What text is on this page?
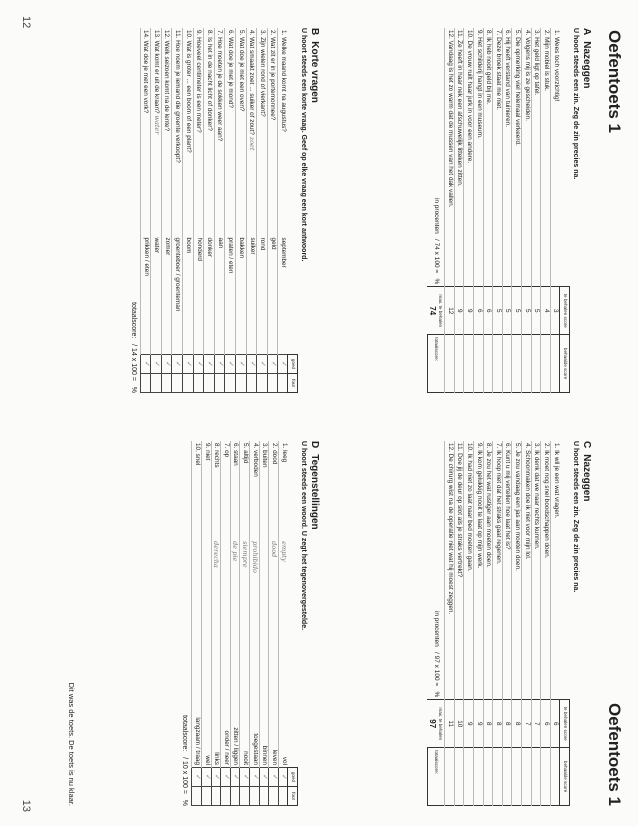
Oefentoets 1
12
ANazeggen
U hoort steeds een zin. Zeg de zin precies na.
	te behalen score	behaalde score
1. Wees toch voorzichtig!	3	
2. Mijn mobiel is stuk.	4	
3. Het geld ligt op tafel.	5	
4. Volgens mij is ze gescheiden.	5	
5. Die opmerking viel helemaal verkeerd.	5	
6. Hij heeft verstand van tuinieren.	5	
7. Deze broek staat me niet.	5	
8. Ik heb nooit geld bij me.	6	
9. Het schilderij hangt in een museum.	6	
10. De vrouw ruilt haar jurk in voor een andere.	9	
11. Ze heeft in haar nek een afschuwelijk litteken zitten.	9	
12. Vandaag is het zo warm dat de mussen van het dak vallen.	12	
in procenten   / 74 x 100 =   %	max. te behalen
74	totaalscore:
BKorte vragen
U hoort steeds een korte vraag. Geef op elke vraag een kort antwoord.
		goed	fout
1. Welke maand komt na augustus?	september	✓	
2. Wat zit er in je portemonnee?	geld	✓	
3. Zijn wielen rond of vierkant?	rond	✓	
4. Wat smaakt zoet ... suiker of zout? zoet	suiker	✓	
5. Wat doe je met een oven?	bakken	✓	
6. Wat doe je met je mond?	praten / eten	✓	
7. Hoe moeten je de sokken weer aan?	aan	✓	
8. Is het in de nacht licht of donker?	donker	✓	
9. Hoeveel centimeter is een meter?	honderd	✓	
10. Wat is groter ... een boom of een plant?	boom	✓	
11. Hoe noem je iemand die groente verkoopt?	groenteboer / groenteman	✓	
12. Welk seizoen komt na de lente?	zomer	✓	
13. Wat komt er uit de kraan? water	water	✓	
14. Wat doe je met een vork?	prikken / eten	✓	
totaalscore:   / 14 x 100 =   %
Oefentoets 1
13
CNazeggen
U hoort steeds een zin. Zeg de zin precies na.
	te behalen score	behaalde score
1. Ik wil je een wat vragen.	6	
2. Ik moet nog snel boodschappen doen.	6	
3. Ik denk dat we naar rechts kunnen.	7	
4. Schoonmaken doe ik niet voor mijn lol.	7	
5. Je zou vandaag een jas aan moeten doen.	8	
6. Kunt u mij vertellen hoe laat het is?	8	
7. Ik hoop niet dat het straks gaat regenen.	8	
8. Je zou het wat rustiger aan moeten doen.	8	
9. Ik kom gelukkig nooit te laat op mijn werk.	9	
10. Ik had niet zo laat naar bed moeten gaan.	9	
11. Doe jij de deur op slot als je straks vertrekt?	10	
12. De chirurg wist na de operatie niet wat hij moest zeggen.	11	
in procenten   / 97 x 100 =   %	max. te behalen
97	totaalscore:
DTegenstellingen
U hoort steeds een woord. U zegt het tegenovergestelde.
			goed	fout
1. leeg	empty	vol	✓	
2. dood	dood	leven	✓	
3. buiten		binnen	✓	
4. verboden	prohibido	toegestaan	✓	
5. altijd	siempre	nooit	✓	
6. staan	de pie	zitten / liggen	✓	
7. op		onder / neer	✓	
8. rechts	derecha	links	✓	
9. niet		wel	✓	
10. snel		langzaam / traag	✓	
totaalscore:   / 10 x 100 =   %
Dit was de toets. De toets is nu klaar.
